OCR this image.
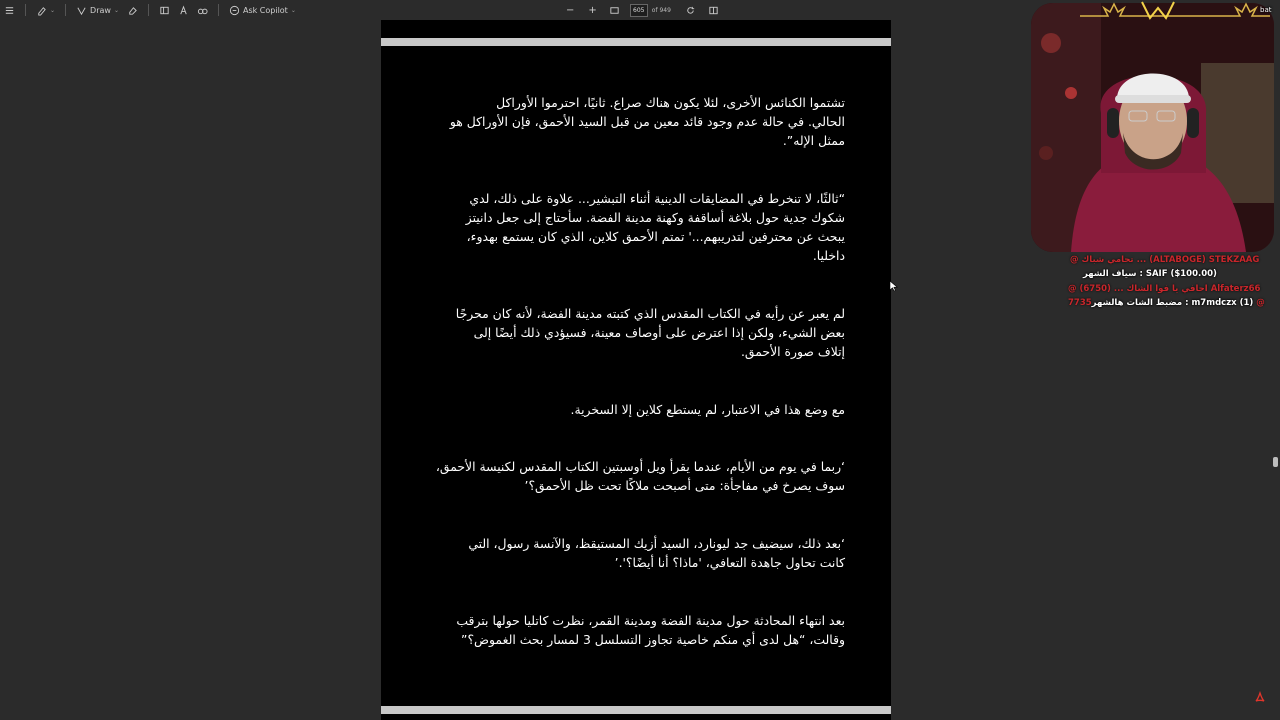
⌄	Draw ⌄	Ask Copilot ⌄	− +	605	of 949
تشتموا الكنائس الأخرى، لئلا يكون هناك صراع. ثانيًا، احترموا الأوراكل
الحالي. في حالة عدم وجود قائد معين من قبل السيد الأحمق، فإن الأوراكل هو
ممثل الإله”.
“ثالثًا، لا تنخرط في المضايقات الدينية أثناء التبشير... علاوة على ذلك، لدي
شكوك جدية حول بلاغة أساقفة وكهنة مدينة الفضة. سأحتاج إلى جعل دانيتز
يبحث عن محترفين لتدريبهم...' تمتم الأحمق كلاين، الذي كان يستمع بهدوء،
داخليا.
لم يعبر عن رأيه في الكتاب المقدس الذي كتبته مدينة الفضة، لأنه كان محرجًا
بعض الشيء، ولكن إذا اعترض على أوصاف معينة، فسيؤدي ذلك أيضًا إلى
إتلاف صورة الأحمق.
مع وضع هذا في الاعتبار، لم يستطع كلاين إلا السخرية.
‘ربما في يوم من الأيام، عندما يقرأ ويل أوسبتين الكتاب المقدس لكنيسة الأحمق،
سوف يصرخ في مفاجأة: متى أصبحت ملاكًا تحت ظل الأحمق؟’
‘بعد ذلك، سيضيف جد ليونارد، السيد أزيك المستيقظ، والآنسة رسول، التي
كانت تحاول جاهدة التعافي، 'ماذا؟ أنا أيضًا؟'.’
بعد انتهاء المحادثة حول مدينة الفضة ومدينة القمر، نظرت كاتليا حولها بترقب
وقالت، “هل لدى أي منكم خاصية تجاوز التسلسل 3 لمسار بحث الغموض؟”
bat
@ تحامي شباك ... (ALTABOGE) STEKZAAG
سياف الشهر : SAIF ($100.00)
@ احافي يا فوا الشاك ... (6750) Alfaterz66
7735مضبط الشات هالشهر : m7mdczx (1) @
